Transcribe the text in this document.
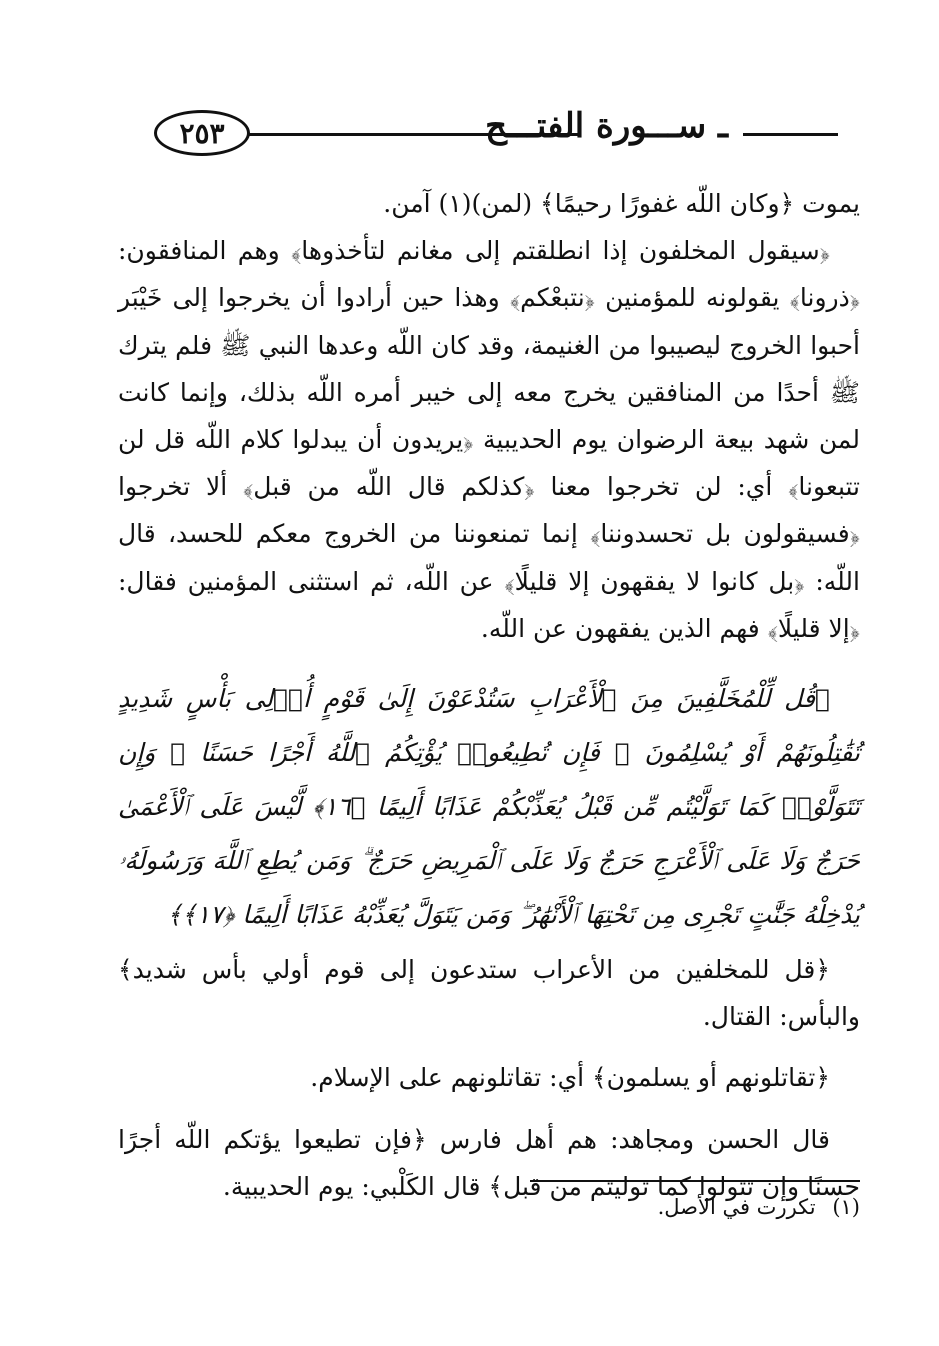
ـ ســـورة الفتـــح
٢٥٣

يموت ﴿وكان اللّه غفورًا رحيمًا﴾ (لمن)(١) آمن.

﴿سيقول المخلفون إذا انطلقتم إلى مغانم لتأخذوها﴾ وهم المنافقون: ﴿ذرونا﴾ يقولونه للمؤمنين ﴿نتبعْكم﴾ وهذا حين أرادوا أن يخرجوا إلى خَيْبَر أحبوا الخروج ليصيبوا من الغنيمة، وقد كان اللّه وعدها النبي ﷺ فلم يترك ﷺ أحدًا من المنافقين يخرج معه إلى خيبر أمره اللّه بذلك، وإنما كانت لمن شهد بيعة الرضوان يوم الحديبية ﴿يريدون أن يبدلوا كلام اللّه قل لن تتبعونا﴾ أي: لن تخرجوا معنا ﴿كذلكم قال اللّه من قبل﴾ ألا تخرجوا ﴿فسيقولون بل تحسدوننا﴾ إنما تمنعوننا من الخروج معكم للحسد، قال اللّه: ﴿بل كانوا لا يفقهون إلا قليلًا﴾ عن اللّه، ثم استثنى المؤمنين فقال: ﴿إلا قليلًا﴾ فهم الذين يفقهون عن اللّه.

﴿قُل لِّلْمُخَلَّفِينَ مِنَ ٱلْأَعْرَابِ سَتُدْعَوْنَ إِلَىٰ قَوْمٍ أُو۟لِى بَأْسٍ شَدِيدٍ تُقَٰتِلُونَهُمْ أَوْ يُسْلِمُونَ ۖ فَإِن تُطِيعُوا۟ يُؤْتِكُمُ ٱللَّهُ أَجْرًا حَسَنًا ۖ وَإِن تَتَوَلَّوْا۟ كَمَا تَوَلَّيْتُم مِّن قَبْلُ يُعَذِّبْكُمْ عَذَابًا أَلِيمًا ﴿١٦﴾ لَّيْسَ عَلَى ٱلْأَعْمَىٰ حَرَجٌ وَلَا عَلَى ٱلْأَعْرَجِ حَرَجٌ وَلَا عَلَى ٱلْمَرِيضِ حَرَجٌ ۗ وَمَن يُطِعِ ٱللَّهَ وَرَسُولَهُۥ يُدْخِلْهُ جَنَّٰتٍ تَجْرِى مِن تَحْتِهَا ٱلْأَنْهَٰرُ ۖ وَمَن يَتَوَلَّ يُعَذِّبْهُ عَذَابًا أَلِيمًا ﴿١٧﴾﴾

﴿قل للمخلفين من الأعراب ستدعون إلى قوم أولي بأس شديد﴾ والبأس: القتال.

﴿تقاتلونهم أو يسلمون﴾ أي: تقاتلونهم على الإسلام.

قال الحسن ومجاهد: هم أهل فارس ﴿فإن تطيعوا يؤتكم اللّه أجرًا حسنًا وإن تتولوا كما توليتم من قبل﴾ قال الكَلْبي: يوم الحديبية.

(١) تكررت في الأصل.
